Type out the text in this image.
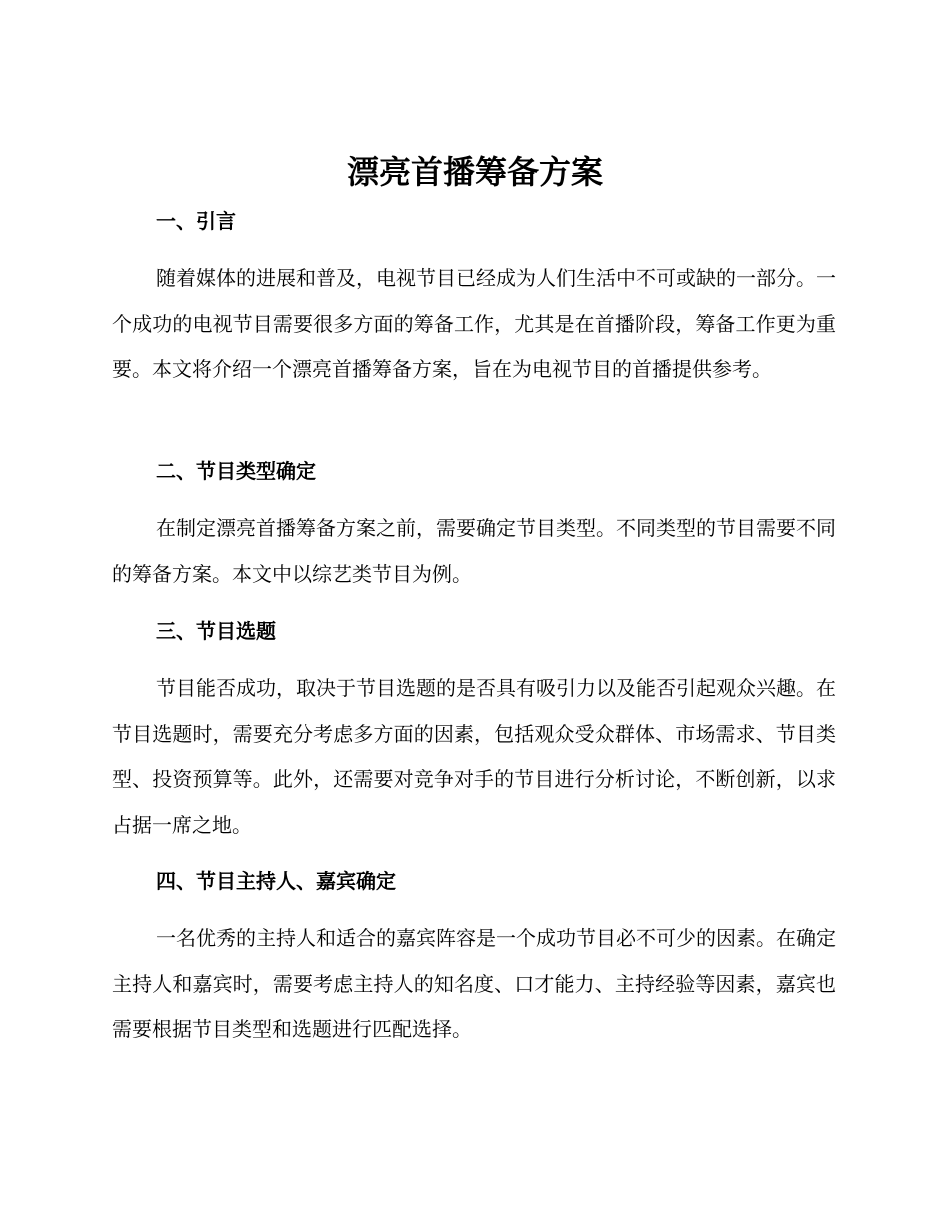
漂亮首播筹备方案
一、引言

随着媒体的进展和普及，电视节目已经成为人们生活中不可或缺的一部分。一个成功的电视节目需要很多方面的筹备工作，尤其是在首播阶段，筹备工作更为重要。本文将介绍一个漂亮首播筹备方案，旨在为电视节目的首播提供参考。

二、节目类型确定

在制定漂亮首播筹备方案之前，需要确定节目类型。不同类型的节目需要不同的筹备方案。本文中以综艺类节目为例。

三、节目选题

节目能否成功，取决于节目选题的是否具有吸引力以及能否引起观众兴趣。在节目选题时，需要充分考虑多方面的因素，包括观众受众群体、市场需求、节目类型、投资预算等。此外，还需要对竞争对手的节目进行分析讨论，不断创新，以求占据一席之地。

四、节目主持人、嘉宾确定

一名优秀的主持人和适合的嘉宾阵容是一个成功节目必不可少的因素。在确定主持人和嘉宾时，需要考虑主持人的知名度、口才能力、主持经验等因素，嘉宾也需要根据节目类型和选题进行匹配选择。
